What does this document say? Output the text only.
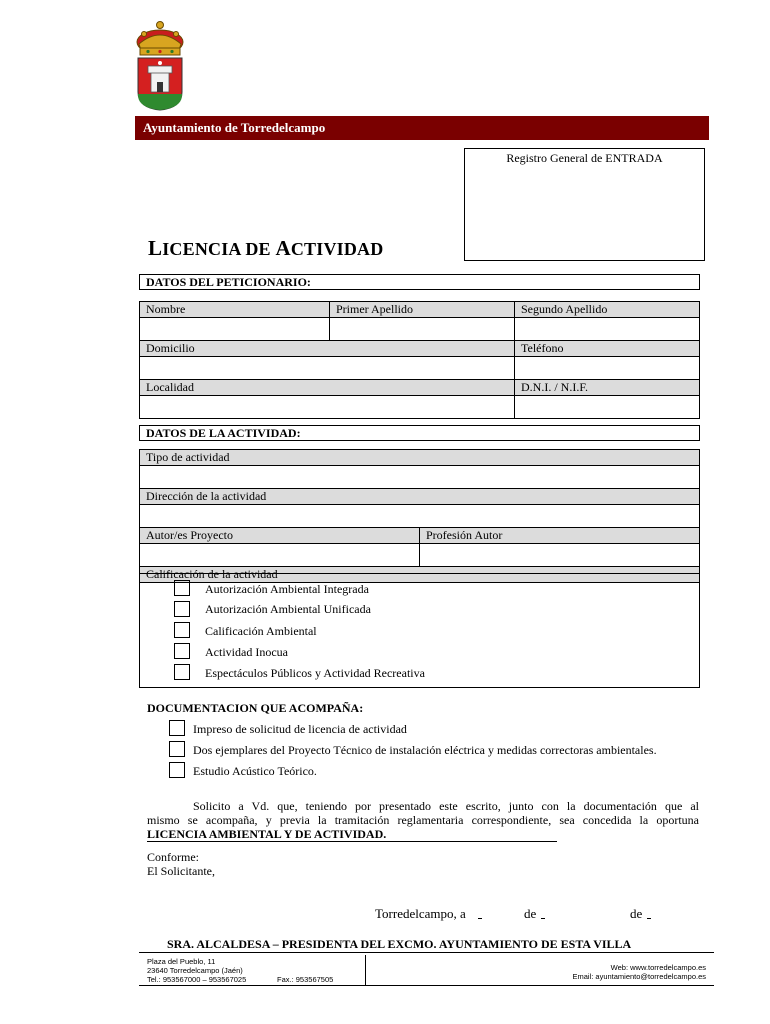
Ayuntamiento de Torredelcampo
Registro General de ENTRADA
LICENCIA DE ACTIVIDAD
DATOS DEL PETICIONARIO:
Nombre	Primer Apellido	Segundo Apellido

Domicilio		Teléfono

Localidad		D.N.I. / N.I.F.

DATOS DE LA ACTIVIDAD:
Tipo de actividad	

Dirección de la actividad	

Autor/es Proyecto	Profesión Autor

Calificación de la actividad	
Autorización Ambiental Integrada
Autorización Ambiental Unificada
Calificación Ambiental
Actividad Inocua
Espectáculos Públicos y Actividad Recreativa
DOCUMENTACION QUE ACOMPAÑA:
Impreso de solicitud de licencia de actividad
Dos ejemplares del Proyecto Técnico de instalación eléctrica y medidas correctoras ambientales.
Estudio Acústico Teórico.
Solicito a Vd. que, teniendo por presentado este escrito, junto con la documentación que al
mismo se acompaña, y previa la tramitación reglamentaria correspondiente, sea concedida la oportuna
LICENCIA AMBIENTAL Y DE ACTIVIDAD.
Conforme:
El Solicitante,
Torredelcampo, a	de	de
SRA. ALCALDESA – PRESIDENTA DEL EXCMO. AYUNTAMIENTO DE ESTA VILLA
Plaza del Pueblo, 11
23640 Torredelcampo (Jaén)
Tel.: 953567000 – 953567025	Fax.: 953567505
Web: www.torredelcampo.es
Email: ayuntamiento@torredelcampo.es
